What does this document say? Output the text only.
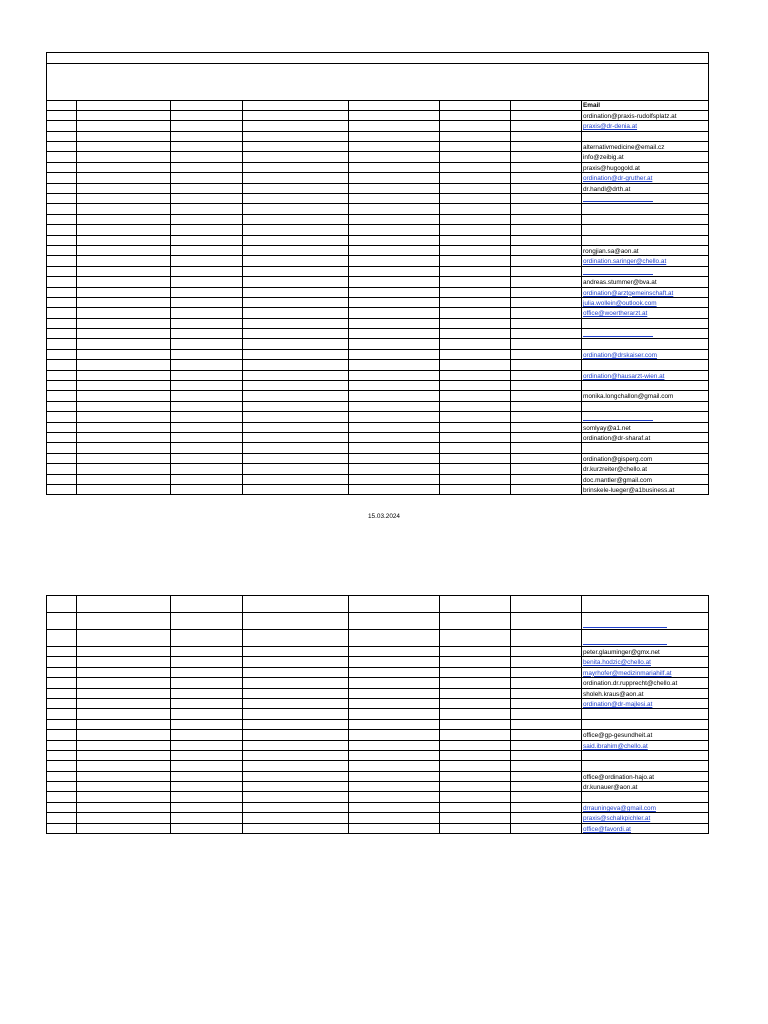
							Email
							ordination@praxis-rudolfsplatz.at
							praxis@dr-denia.at

							alternativmedicine@email.cz
							info@zeibig.at
							praxis@hugogold.at
							ordination@dr-gruther.at
							dr.handl@drth.at

							rongjian.sa@aon.at
							ordination.saringer@chello.at

							andreas.stummer@bva.at
							ordination@arztgemeinschaft.at
							julia.wollein@outlook.com
							office@woertherarzt.at

							ordination@drskaiser.com

							ordination@hausarzt-wien.at

							monika.longchallon@gmail.com

							somlyay@a1.net
							ordination@dr-sharaf.at

							ordination@gisperg.com
							dr.kurzreiter@chello.at
							doc.mantler@gmail.com
							brinskele-lueger@a1business.at
15.03.2024

							peter.glauminger@gmx.net
							benita.hodzic@chello.at
							mayrhofer@medizinmariahilf.at
							ordination.dr.rupprecht@chello.at
							sholeh.kraus@aon.at
							ordination@dr-majlesi.at

							office@gp-gesundheit.at
							said.ibrahim@chello.at

							office@ordination-hajo.at
							dr.kunauer@aon.at

							drrauningeva@gmail.com
							praxis@schalkpichler.at
							office@favordi.at
